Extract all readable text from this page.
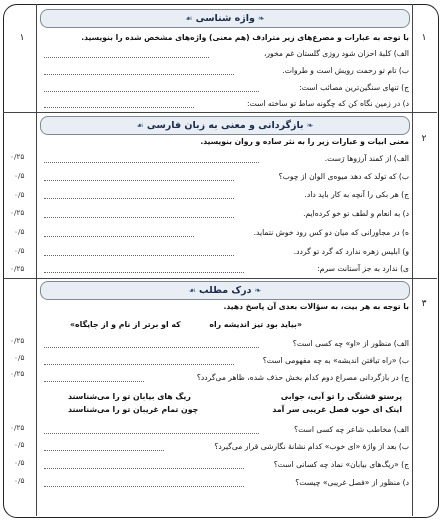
❧
واژه شناسی
☙
۱
۱	با توجه به عبارات و مصرع‌های زیر مترادف (هم معنی) واژه‌های مشخص شده را بنویسید.
الف) کلبهٔ احزان شود روزی گلستان غم مخور،
ب) تام تو رحمت رویش است و طروات.
ج) تنهای سنگین‌ترین مصائب است:
د) در زمین نگاه کن که چگونه ساط تو ساخته است:
❧
بازگردانی و معنی به زبان فارسی
☙
۲
معنی ابیات و عبارات زیر را به نثر ساده و روان بنویسید.
الف) از کمند آرزوها رَست.
۰/۲۵
ب) که تولد که دهد میوه‌ی الوان از چوب؟
۰/۵
ج) هر بکی را آنچه به کار باید داد.
۰/۵
د) به انعام و لطف تو خو کرده‌ایم.
۰/۲۵
ه) در مجاورانی که میان دو کس رود خوش نتماید.
۰/۵
و) ابلیس زهره ندارد که گرد تو گردد.
۰/۵
ی) ندارد به جز آستانت سرم:
۰/۲۵
❧
درک مطلب
☙
۳
با توجه به هر بیت، به سؤالات بعدی آن پاسخ دهید.
«بیاید بود تیز اندیشه راه
که او برتر از نام و از جایگاه»
الف) منظور از «او» چه کسی است؟
۰/۲۵
ب) «راه تیافتن اندیشه» به چه مفهومی است؟
۰/۵
ج) در بازگردانی مصراع دوم کدام بخش حذف شده، ظاهر می‌گردد؟
۰/۲۵
پرستو قشنگی را تو آبی، جوابی
ریگ های بیابان تو را می‌شناسند
اینک ای خوب فصل غریبی سر آمد
چون تمام غریبان تو را می‌شناسند
الف) مخاطب شاعر چه کسی است؟
۰/۲۵
ب) بعد از واژهٔ «ای خوب» کدام نشانهٔ نگارشی قرار می‌گیرد؟
۰/۵
ج) «ریگ‌های بیابان» نماد چه کسانی است؟
۰/۵
د) منظور از «فصل غریبی» چیست؟
۰/۵
